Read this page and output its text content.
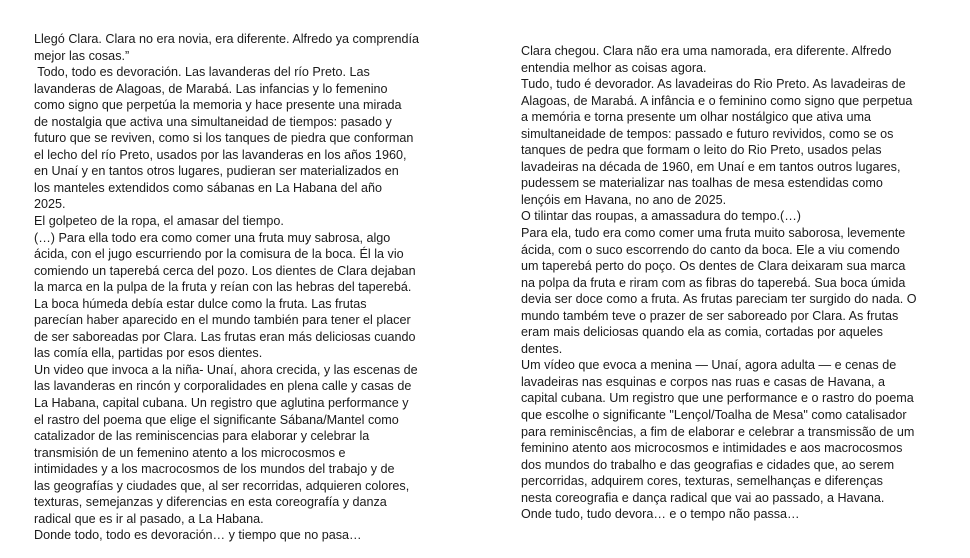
Llegó Clara. Clara no era novia, era diferente. Alfredo ya comprendía
mejor las cosas.”
Todo, todo es devoración. Las lavanderas del río Preto. Las
lavanderas de Alagoas, de Marabá. Las infancias y lo femenino
como signo que perpetúa la memoria y hace presente una mirada
de nostalgia que activa una simultaneidad de tiempos: pasado y
futuro que se reviven, como si los tanques de piedra que conforman
el lecho del río Preto, usados por las lavanderas en los años 1960,
en Unaí y en tantos otros lugares, pudieran ser materializados en
los manteles extendidos como sábanas en La Habana del año
2025.
El golpeteo de la ropa, el amasar del tiempo.
(…) Para ella todo era como comer una fruta muy sabrosa, algo
ácida, con el jugo escurriendo por la comisura de la boca. Él la vio
comiendo un taperebá cerca del pozo. Los dientes de Clara dejaban
la marca en la pulpa de la fruta y reían con las hebras del taperebá.
La boca húmeda debía estar dulce como la fruta. Las frutas
parecían haber aparecido en el mundo también para tener el placer
de ser saboreadas por Clara. Las frutas eran más deliciosas cuando
las comía ella, partidas por esos dientes.
Un video que invoca a la niña- Unaí, ahora crecida, y las escenas de
las lavanderas en rincón y corporalidades en plena calle y casas de
La Habana, capital cubana. Un registro que aglutina performance y
el rastro del poema que elige el significante Sábana/Mantel como
catalizador de las reminiscencias para elaborar y celebrar la
transmisión de un femenino atento a los microcosmos e
intimidades y a los macrocosmos de los mundos del trabajo y de
las geografías y ciudades que, al ser recorridas, adquieren colores,
texturas, semejanzas y diferencias en esta coreografía y danza
radical que es ir al pasado, a La Habana.
Donde todo, todo es devoración… y tiempo que no pasa…
Clara chegou. Clara não era uma namorada, era diferente. Alfredo
entendia melhor as coisas agora.
Tudo, tudo é devorador. As lavadeiras do Rio Preto. As lavadeiras de
Alagoas, de Marabá. A infância e o feminino como signo que perpetua
a memória e torna presente um olhar nostálgico que ativa uma
simultaneidade de tempos: passado e futuro revividos, como se os
tanques de pedra que formam o leito do Rio Preto, usados pelas
lavadeiras na década de 1960, em Unaí e em tantos outros lugares,
pudessem se materializar nas toalhas de mesa estendidas como
lençóis em Havana, no ano de 2025.
O tilintar das roupas, a amassadura do tempo.(…)
Para ela, tudo era como comer uma fruta muito saborosa, levemente
ácida, com o suco escorrendo do canto da boca. Ele a viu comendo
um taperebá perto do poço. Os dentes de Clara deixaram sua marca
na polpa da fruta e riram com as fibras do taperebá. Sua boca úmida
devia ser doce como a fruta. As frutas pareciam ter surgido do nada. O
mundo também teve o prazer de ser saboreado por Clara. As frutas
eram mais deliciosas quando ela as comia, cortadas por aqueles
dentes.
Um vídeo que evoca a menina — Unaí, agora adulta — e cenas de
lavadeiras nas esquinas e corpos nas ruas e casas de Havana, a
capital cubana. Um registro que une performance e o rastro do poema
que escolhe o significante "Lençol/Toalha de Mesa" como catalisador
para reminiscências, a fim de elaborar e celebrar a transmissão de um
feminino atento aos microcosmos e intimidades e aos macrocosmos
dos mundos do trabalho e das geografias e cidades que, ao serem
percorridas, adquirem cores, texturas, semelhanças e diferenças
nesta coreografia e dança radical que vai ao passado, a Havana.
Onde tudo, tudo devora… e o tempo não passa…
